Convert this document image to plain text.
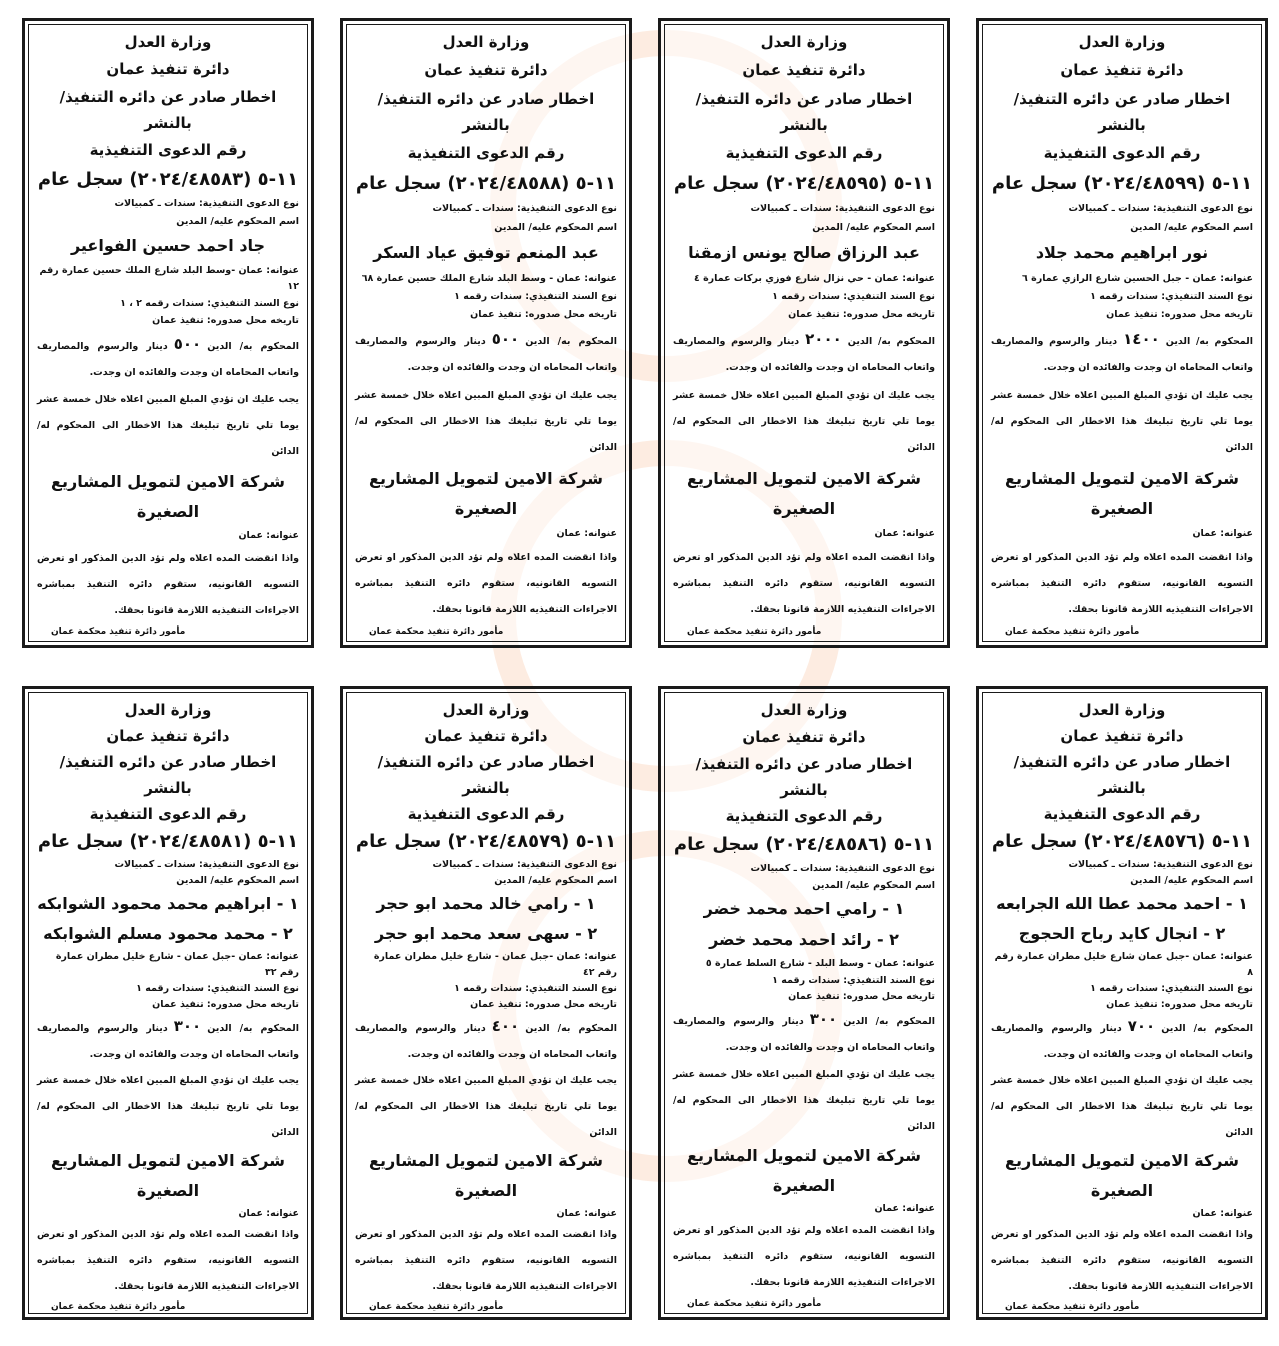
وزارة العدل
دائرة تنفيذ عمان
اخطار صادر عن دائره التنفيذ/ بالنشر
رقم الدعوى التنفيذية
١١-٥ (٢٠٢٤/٤٨٥٩٩) سجل عام
نوع الدعوى التنفيذية: سندات ـ كمبيالات
اسم المحكوم عليه/ المدين
نور ابراهيم محمد جلاد
عنوانه: عمان - جبل الحسين شارع الرازي عمارة ٦
نوع السند التنفيذي: سندات رقمه ١
تاريخه محل صدوره: تنفيذ عمان
المحكوم به/ الدين١٤٠٠دينار والرسوم والمصاريف واتعاب المحاماه ان وجدت والفائده ان وجدت.
يجب عليك ان تؤدي المبلغ المبين اعلاه خلال خمسة عشر يوما تلي تاريخ تبليغك هذا الاخطار الى المحكوم له/ الدائن
شركة الامين لتمويل المشاريع الصغيرة
عنوانه: عمان
واذا انقضت المده اعلاه ولم تؤد الدين المذكور او تعرض التسويه القانونيه، ستقوم دائره التنفيذ بمباشره الاجراءات التنفيذيه اللازمة قانونا بحقك.
مأمور دائرة تنفيذ محكمة عمان
وزارة العدل
دائرة تنفيذ عمان
اخطار صادر عن دائره التنفيذ/ بالنشر
رقم الدعوى التنفيذية
١١-٥ (٢٠٢٤/٤٨٥٩٥) سجل عام
نوع الدعوى التنفيذية: سندات ـ كمبيالات
اسم المحكوم عليه/ المدين
عبد الرزاق صالح يونس ازمقنا
عنوانه: عمان - حي نزال شارع فوزي بركات عمارة ٤
نوع السند التنفيذي: سندات رقمه ١
تاريخه محل صدوره: تنفيذ عمان
المحكوم به/ الدين٢٠٠٠دينار والرسوم والمصاريف واتعاب المحاماه ان وجدت والفائده ان وجدت.
يجب عليك ان تؤدي المبلغ المبين اعلاه خلال خمسة عشر يوما تلي تاريخ تبليغك هذا الاخطار الى المحكوم له/ الدائن
شركة الامين لتمويل المشاريع الصغيرة
عنوانه: عمان
واذا انقضت المده اعلاه ولم تؤد الدين المذكور او تعرض التسويه القانونيه، ستقوم دائره التنفيذ بمباشره الاجراءات التنفيذيه اللازمة قانونا بحقك.
مأمور دائرة تنفيذ محكمة عمان
وزارة العدل
دائرة تنفيذ عمان
اخطار صادر عن دائره التنفيذ/ بالنشر
رقم الدعوى التنفيذية
١١-٥ (٢٠٢٤/٤٨٥٨٨) سجل عام
نوع الدعوى التنفيذية: سندات ـ كمبيالات
اسم المحكوم عليه/ المدين
عبد المنعم توفيق عياد السكر
عنوانه: عمان - وسط البلد شارع الملك حسين عمارة ٦٨
نوع السند التنفيذي: سندات رقمه ١
تاريخه محل صدوره: تنفيذ عمان
المحكوم به/ الدين٥٠٠دينار والرسوم والمصاريف واتعاب المحاماه ان وجدت والفائده ان وجدت.
يجب عليك ان تؤدي المبلغ المبين اعلاه خلال خمسة عشر يوما تلي تاريخ تبليغك هذا الاخطار الى المحكوم له/ الدائن
شركة الامين لتمويل المشاريع الصغيرة
عنوانه: عمان
واذا انقضت المده اعلاه ولم تؤد الدين المذكور او تعرض التسويه القانونيه، ستقوم دائره التنفيذ بمباشره الاجراءات التنفيذيه اللازمة قانونا بحقك.
مأمور دائرة تنفيذ محكمة عمان
وزارة العدل
دائرة تنفيذ عمان
اخطار صادر عن دائره التنفيذ/ بالنشر
رقم الدعوى التنفيذية
١١-٥ (٢٠٢٤/٤٨٥٨٣) سجل عام
نوع الدعوى التنفيذية: سندات ـ كمبيالات
اسم المحكوم عليه/ المدين
جاد احمد حسين الفواعير
عنوانه: عمان -وسط البلد شارع الملك حسين عمارة رقم ١٢
نوع السند التنفيذي: سندات رقمه ٢ ، ١
تاريخه محل صدوره: تنفيذ عمان
المحكوم به/ الدين٥٠٠دينار والرسوم والمصاريف واتعاب المحاماه ان وجدت والفائده ان وجدت.
يجب عليك ان تؤدي المبلغ المبين اعلاه خلال خمسة عشر يوما تلي تاريخ تبليغك هذا الاخطار الى المحكوم له/ الدائن
شركة الامين لتمويل المشاريع الصغيرة
عنوانه: عمان
واذا انقضت المده اعلاه ولم تؤد الدين المذكور او تعرض التسويه القانونيه، ستقوم دائره التنفيذ بمباشره الاجراءات التنفيذيه اللازمة قانونا بحقك.
مأمور دائرة تنفيذ محكمة عمان
وزارة العدل
دائرة تنفيذ عمان
اخطار صادر عن دائره التنفيذ/ بالنشر
رقم الدعوى التنفيذية
١١-٥ (٢٠٢٤/٤٨٥٧٦) سجل عام
نوع الدعوى التنفيذية: سندات ـ كمبيالات
اسم المحكوم عليه/ المدين
١ - احمد محمد عطا الله الجرابعه
٢ - انجال كايد رباح الحجوج
عنوانه: عمان -جبل عمان شارع خليل مطران عمارة رقم ٨
نوع السند التنفيذي: سندات رقمه ١
تاريخه محل صدوره: تنفيذ عمان
المحكوم به/ الدين٧٠٠دينار والرسوم والمصاريف واتعاب المحاماه ان وجدت والفائده ان وجدت.
يجب عليك ان تؤدي المبلغ المبين اعلاه خلال خمسة عشر يوما تلي تاريخ تبليغك هذا الاخطار الى المحكوم له/ الدائن
شركة الامين لتمويل المشاريع الصغيرة
عنوانه: عمان
واذا انقضت المده اعلاه ولم تؤد الدين المذكور او تعرض التسويه القانونيه، ستقوم دائره التنفيذ بمباشره الاجراءات التنفيذيه اللازمة قانونا بحقك.
مأمور دائرة تنفيذ محكمة عمان
وزارة العدل
دائرة تنفيذ عمان
اخطار صادر عن دائره التنفيذ/ بالنشر
رقم الدعوى التنفيذية
١١-٥ (٢٠٢٤/٤٨٥٨٦) سجل عام
نوع الدعوى التنفيذية: سندات ـ كمبيالات
اسم المحكوم عليه/ المدين
١ - رامي احمد محمد خضر
٢ - رائد احمد محمد خضر
عنوانه: عمان - وسط البلد - شارع السلط عمارة ٥
نوع السند التنفيذي: سندات رقمه ١
تاريخه محل صدوره: تنفيذ عمان
المحكوم به/ الدين٣٠٠دينار والرسوم والمصاريف واتعاب المحاماه ان وجدت والفائده ان وجدت.
يجب عليك ان تؤدي المبلغ المبين اعلاه خلال خمسة عشر يوما تلي تاريخ تبليغك هذا الاخطار الى المحكوم له/ الدائن
شركة الامين لتمويل المشاريع الصغيرة
عنوانه: عمان
واذا انقضت المده اعلاه ولم تؤد الدين المذكور او تعرض التسويه القانونيه، ستقوم دائره التنفيذ بمباشره الاجراءات التنفيذيه اللازمة قانونا بحقك.
مأمور دائرة تنفيذ محكمة عمان
وزارة العدل
دائرة تنفيذ عمان
اخطار صادر عن دائره التنفيذ/ بالنشر
رقم الدعوى التنفيذية
١١-٥ (٢٠٢٤/٤٨٥٧٩) سجل عام
نوع الدعوى التنفيذية: سندات ـ كمبيالات
اسم المحكوم عليه/ المدين
١ - رامي خالد محمد ابو حجر
٢ - سهى سعد محمد ابو حجر
عنوانه: عمان -جبل عمان - شارع خليل مطران عمارة رقم ٤٢
نوع السند التنفيذي: سندات رقمه ١
تاريخه محل صدوره: تنفيذ عمان
المحكوم به/ الدين٤٠٠دينار والرسوم والمصاريف واتعاب المحاماه ان وجدت والفائده ان وجدت.
يجب عليك ان تؤدي المبلغ المبين اعلاه خلال خمسة عشر يوما تلي تاريخ تبليغك هذا الاخطار الى المحكوم له/ الدائن
شركة الامين لتمويل المشاريع الصغيرة
عنوانه: عمان
واذا انقضت المده اعلاه ولم تؤد الدين المذكور او تعرض التسويه القانونيه، ستقوم دائره التنفيذ بمباشره الاجراءات التنفيذيه اللازمة قانونا بحقك.
مأمور دائرة تنفيذ محكمة عمان
وزارة العدل
دائرة تنفيذ عمان
اخطار صادر عن دائره التنفيذ/ بالنشر
رقم الدعوى التنفيذية
١١-٥ (٢٠٢٤/٤٨٥٨١) سجل عام
نوع الدعوى التنفيذية: سندات ـ كمبيالات
اسم المحكوم عليه/ المدين
١ - ابراهيم محمد محمود الشوابكه
٢ - محمد محمود مسلم الشوابكه
عنوانه: عمان -جبل عمان - شارع خليل مطران عمارة رقم ٣٢
نوع السند التنفيذي: سندات رقمه ١
تاريخه محل صدوره: تنفيذ عمان
المحكوم به/ الدين٣٠٠دينار والرسوم والمصاريف واتعاب المحاماه ان وجدت والفائده ان وجدت.
يجب عليك ان تؤدي المبلغ المبين اعلاه خلال خمسة عشر يوما تلي تاريخ تبليغك هذا الاخطار الى المحكوم له/ الدائن
شركة الامين لتمويل المشاريع الصغيرة
عنوانه: عمان
واذا انقضت المده اعلاه ولم تؤد الدين المذكور او تعرض التسويه القانونيه، ستقوم دائره التنفيذ بمباشره الاجراءات التنفيذيه اللازمة قانونا بحقك.
مأمور دائرة تنفيذ محكمة عمان
